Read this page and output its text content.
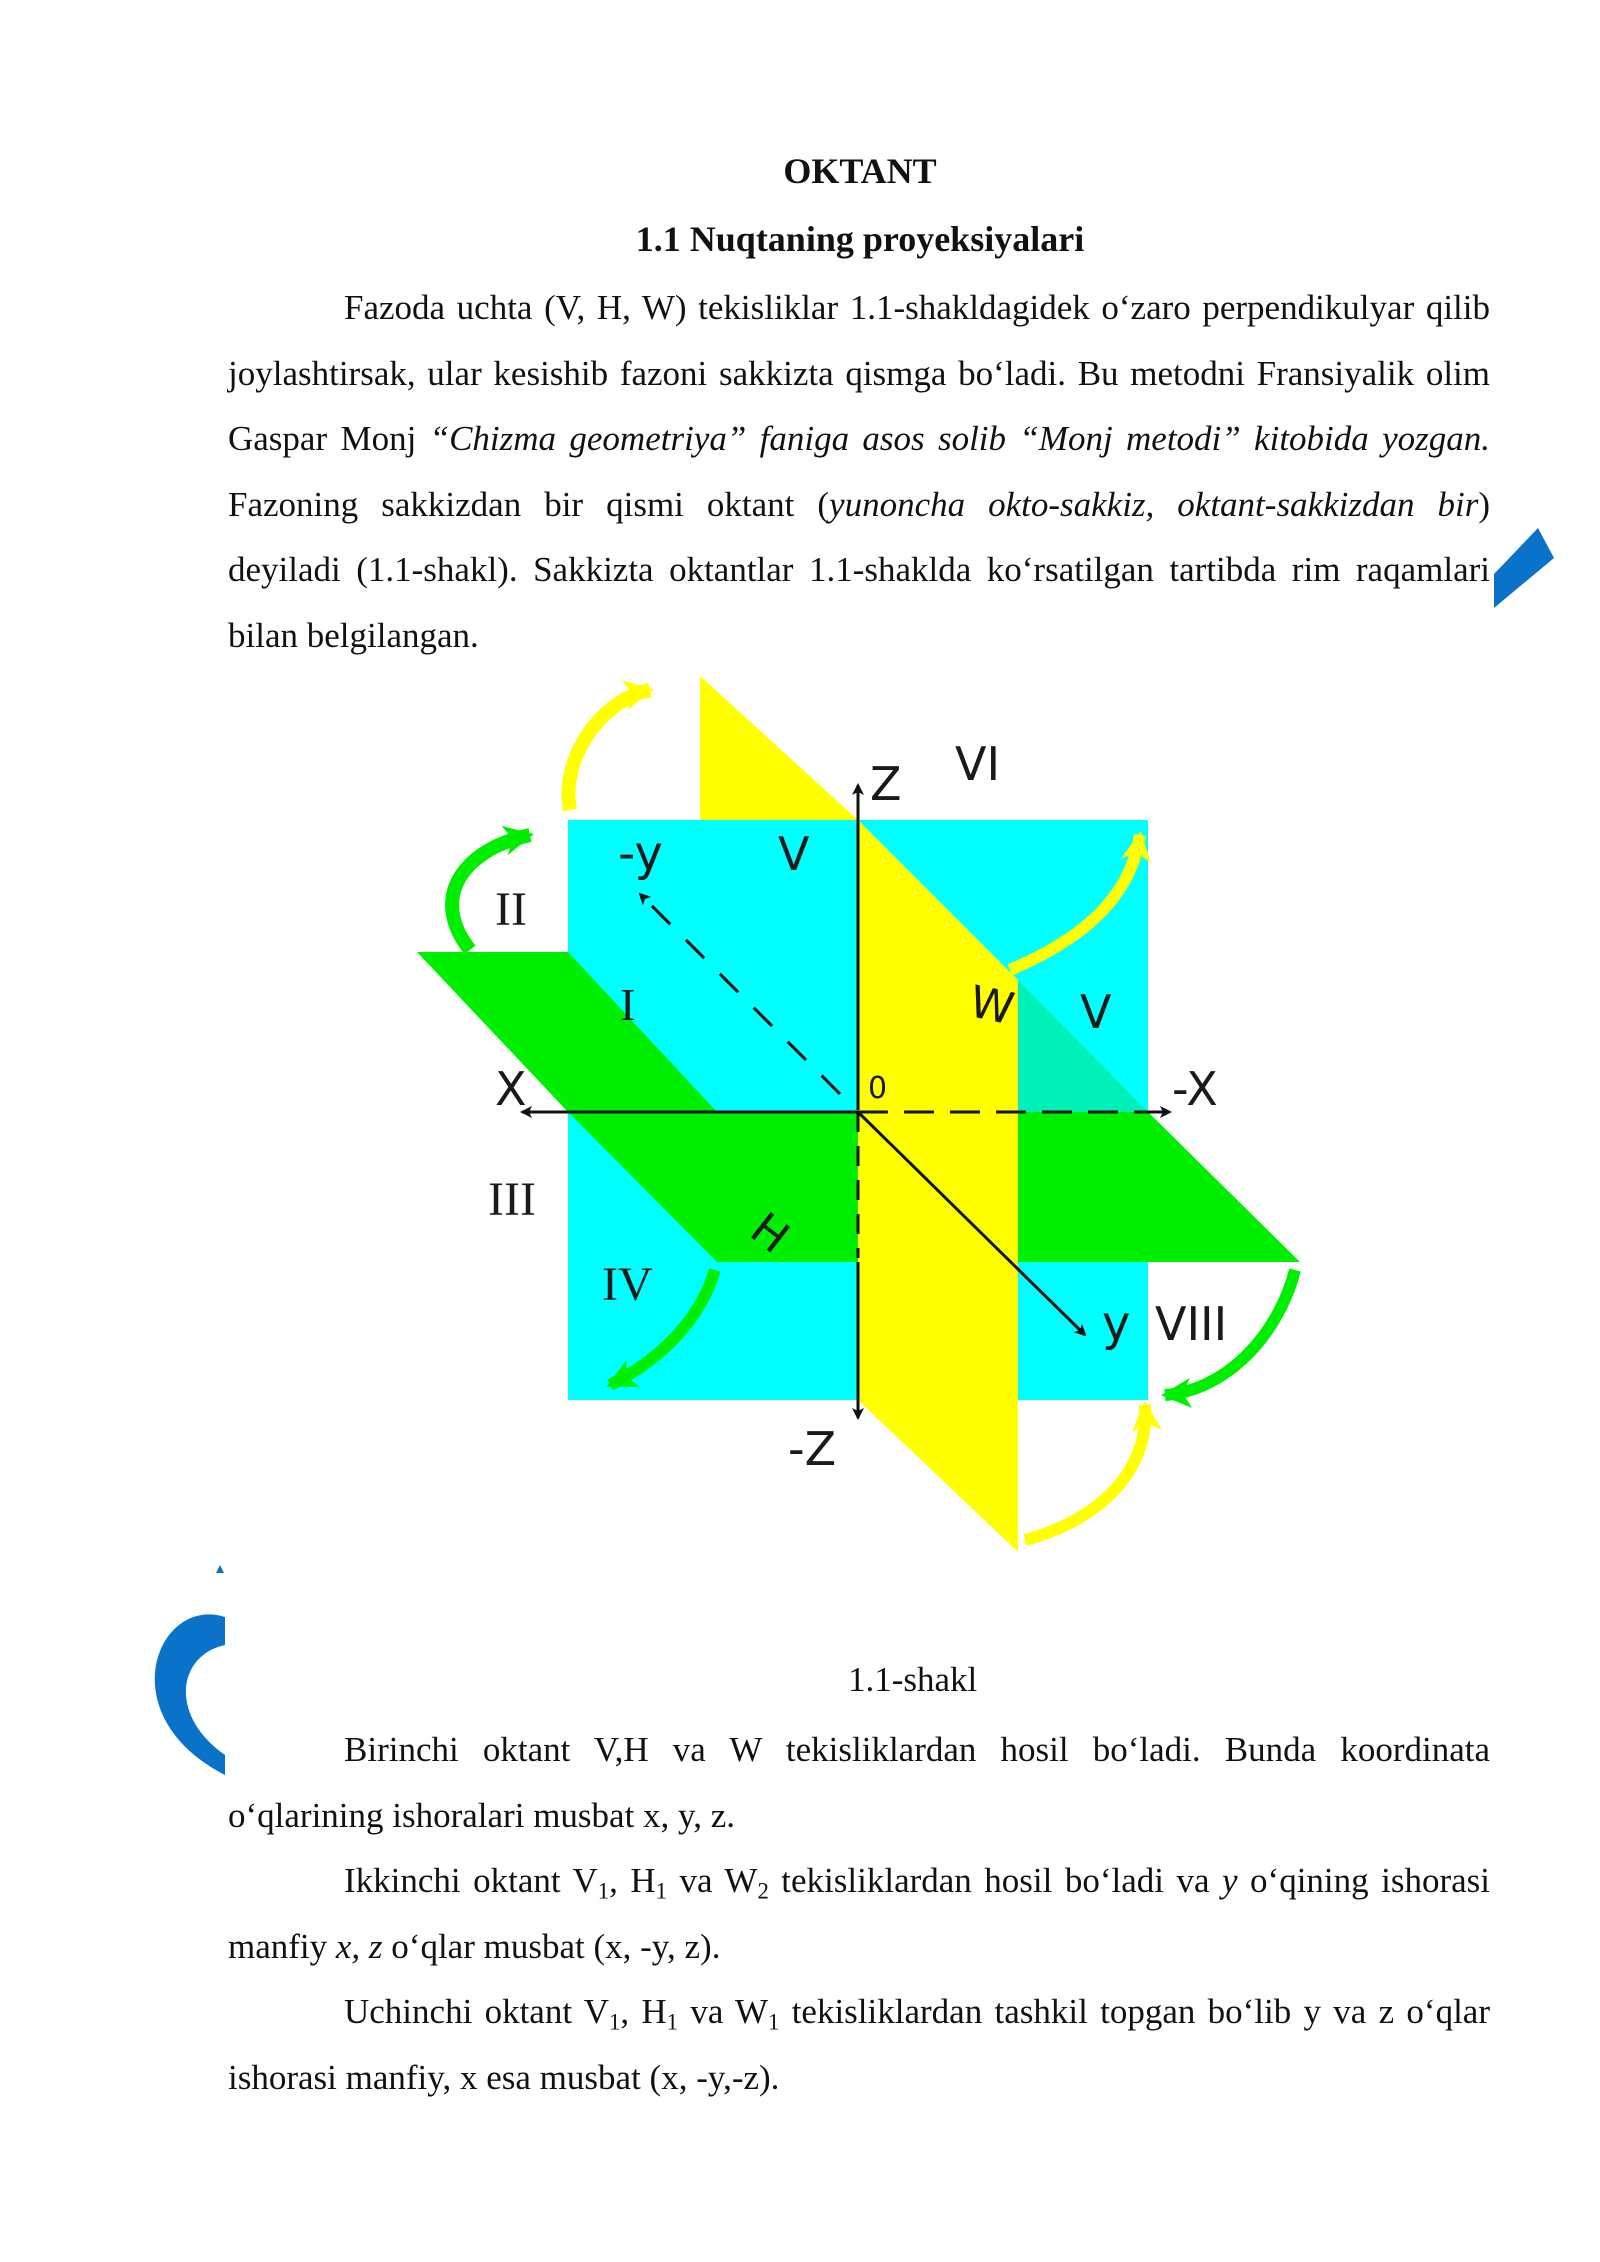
OKTANT
1.1 Nuqtaning proyeksiyalari
Fazoda uchta (V, H, W) tekisliklar 1.1-shakldagidek o‘zaro perpendikulyar qilib joylashtirsak, ular kesishib fazoni sakkizta qismga bo‘ladi. Bu metodni Fransiyalik olim Gaspar Monj “Chizma geometriya” faniga asos solib “Monj metodi” kitobida yozgan. Fazoning sakkizdan bir qismi oktant (yunoncha okto-sakkiz, oktant-sakkizdan bir) deyiladi (1.1-shakl). Sakkizta oktantlar 1.1-shaklda ko‘rsatilgan tartibda rim raqamlari bilan belgilangan.
Z
-Z
X	-X
y
-y
0
V
V
W
H
I
II
III
IV
VI
VIII
1.1-shakl
Birinchi oktant V,H va W tekisliklardan hosil bo‘ladi. Bunda koordinata o‘qlarining ishoralari musbat x, y, z.
Ikkinchi oktant $V_1$, $H_1$ va $W_2$ tekisliklardan hosil bo‘ladi va y o‘qining ishorasi manfiy x, z o‘qlar musbat (x, -y, z).
Uchinchi oktant $V_1$, $H_1$ va $W_1$ tekisliklardan tashkil topgan bo‘lib y va z o‘qlar ishorasi manfiy, x esa musbat (x, -y,-z).
